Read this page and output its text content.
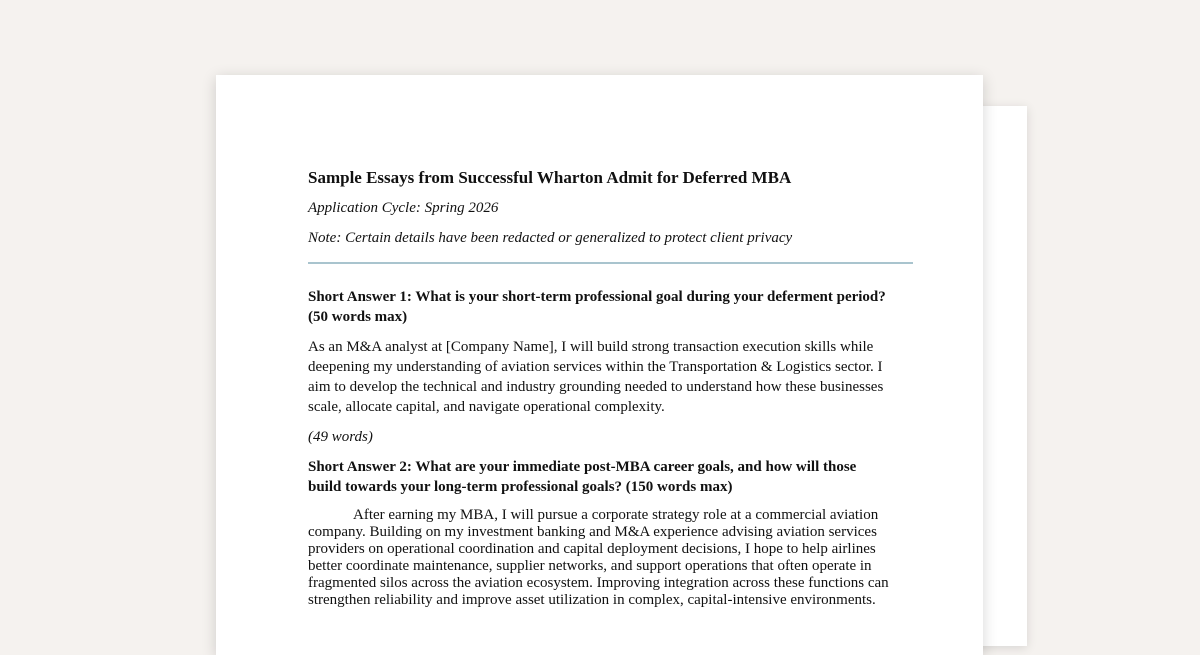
Sample Essays from Successful Wharton Admit for Deferred MBA

Application Cycle: Spring 2026

Note: Certain details have been redacted or generalized to protect client privacy

Short Answer 1: What is your short-term professional goal during your deferment period? (50 words max)

As an M&A analyst at [Company Name], I will build strong transaction execution skills while deepening my understanding of aviation services within the Transportation & Logistics sector. I aim to develop the technical and industry grounding needed to understand how these businesses scale, allocate capital, and navigate operational complexity.

(49 words)

Short Answer 2: What are your immediate post-MBA career goals, and how will those build towards your long-term professional goals? (150 words max)

After earning my MBA, I will pursue a corporate strategy role at a commercial aviation company. Building on my investment banking and M&A experience advising aviation services providers on operational coordination and capital deployment decisions, I hope to help airlines better coordinate maintenance, supplier networks, and support operations that often operate in fragmented silos across the aviation ecosystem. Improving integration across these functions can strengthen reliability and improve asset utilization in complex, capital-intensive environments.
